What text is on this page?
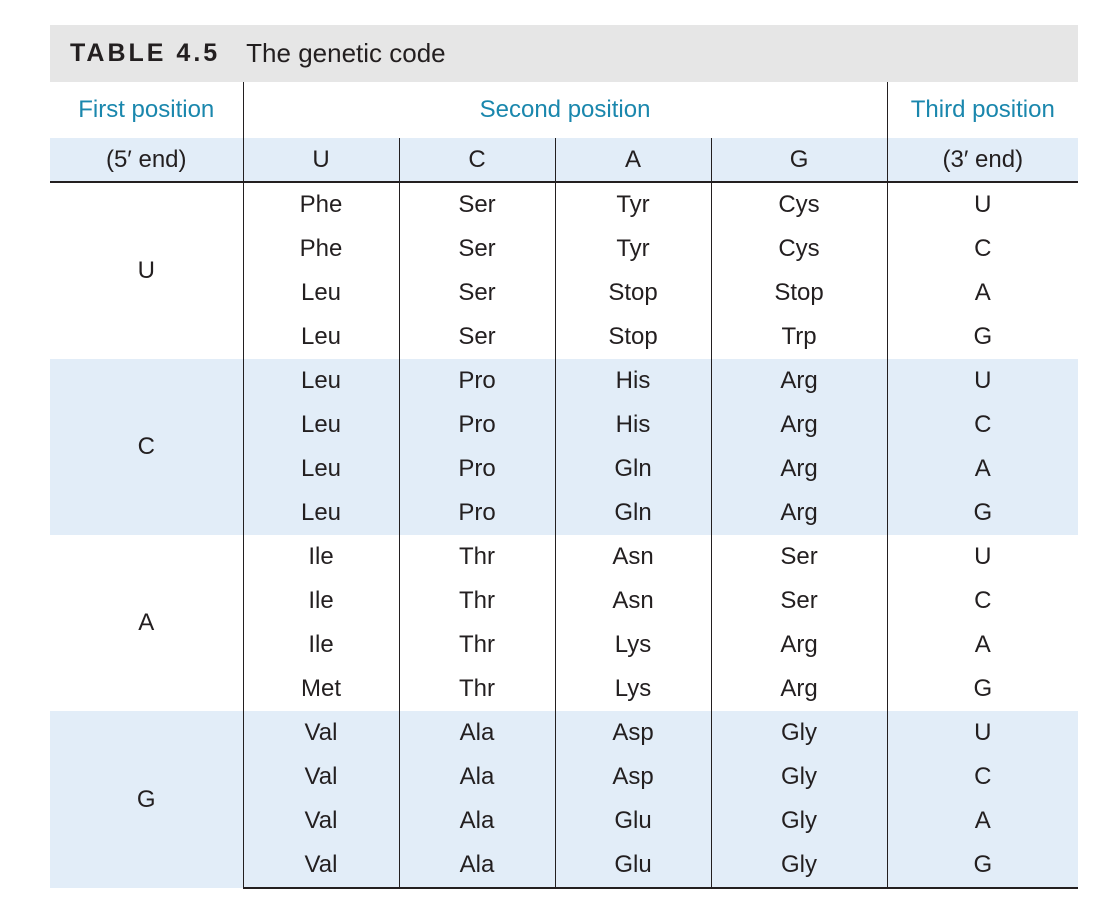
TABLE 4.5 The genetic code
First position	Second position				Third position
(5′ end)	U	C	A	G	(3′ end)
U	Phe	Ser	Tyr	Cys	U
	Phe	Ser	Tyr	Cys	C
	Leu	Ser	Stop	Stop	A
	Leu	Ser	Stop	Trp	G
C	Leu	Pro	His	Arg	U
	Leu	Pro	His	Arg	C
	Leu	Pro	Gln	Arg	A
	Leu	Pro	Gln	Arg	G
A	Ile	Thr	Asn	Ser	U
	Ile	Thr	Asn	Ser	C
	Ile	Thr	Lys	Arg	A
	Met	Thr	Lys	Arg	G
G	Val	Ala	Asp	Gly	U
	Val	Ala	Asp	Gly	C
	Val	Ala	Glu	Gly	A
	Val	Ala	Glu	Gly	G
